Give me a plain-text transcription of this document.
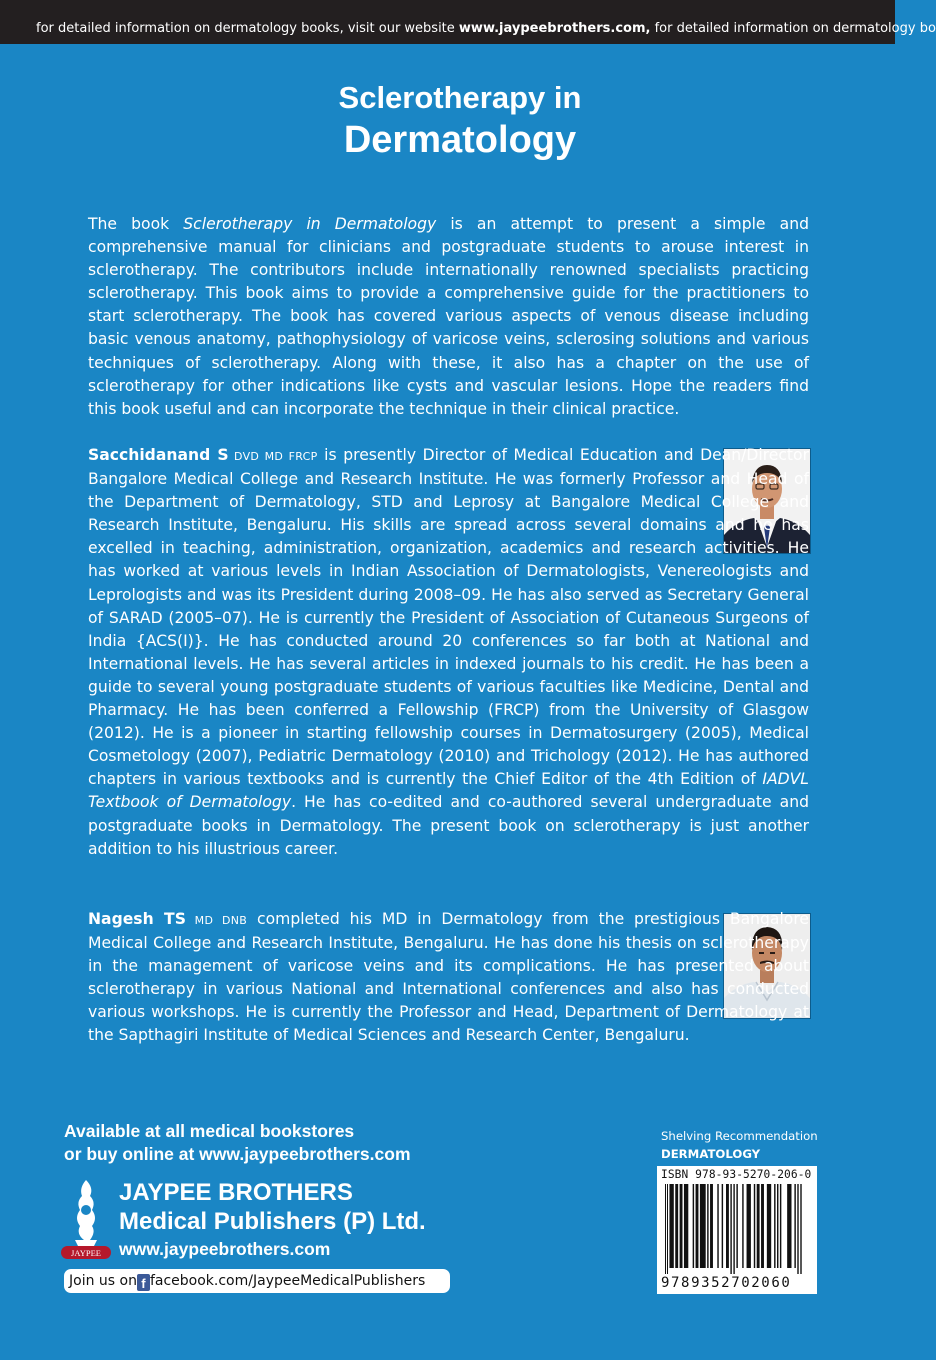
for detailed information on dermatology books, visit our website www.jaypeebrothers.com, for detailed information on dermatology bo
Sclerotherapy in
Dermatology

The book Sclerotherapy in Dermatology is an attempt to present a simple and comprehensive manual for clinicians and postgraduate students to arouse interest in sclerotherapy. The contributors include internationally renowned specialists practicing sclerotherapy. This book aims to provide a comprehensive guide for the practitioners to start sclerotherapy. The book has covered various aspects of venous disease including basic venous anatomy, pathophysiology of varicose veins, sclerosing solutions and various techniques of sclerotherapy. Along with these, it also has a chapter on the use of sclerotherapy for other indications like cysts and vascular lesions. Hope the readers find this book useful and can incorporate the technique in their clinical practice.

Sacchidanand S DVD MD FRCP is presently Director of Medical Education and Dean/Director Bangalore Medical College and Research Institute. He was formerly Professor and Head of the Department of Dermatology, STD and Leprosy at Bangalore Medical College and Research Institute, Bengaluru. His skills are spread across several domains and he has excelled in teaching, administration, organization, academics and research activities. He has worked at various levels in Indian Association of Dermatologists, Venereologists and Leprologists and was its President during 2008–09. He has also served as Secretary General of SARAD (2005–07). He is currently the President of Association of Cutaneous Surgeons of India {ACS(I)}. He has conducted around 20 conferences so far both at National and International levels. He has several articles in indexed journals to his credit. He has been a guide to several young postgraduate students of various faculties like Medicine, Dental and Pharmacy. He has been conferred a Fellowship (FRCP) from the University of Glasgow (2012). He is a pioneer in starting fellowship courses in Dermatosurgery (2005), Medical Cosmetology (2007), Pediatric Dermatology (2010) and Trichology (2012). He has authored chapters in various textbooks and is currently the Chief Editor of the 4th Edition of IADVL Textbook of Dermatology. He has co-edited and co-authored several undergraduate and postgraduate books in Dermatology. The present book on sclerotherapy is just another addition to his illustrious career.

Nagesh TS MD DNB completed his MD in Dermatology from the prestigious Bangalore Medical College and Research Institute, Bengaluru. He has done his thesis on sclerotherapy in the management of varicose veins and its complications. He has presented about sclerotherapy in various National and International conferences and also has conducted various workshops. He is currently the Professor and Head, Department of Dermatology at the Sapthagiri Institute of Medical Sciences and Research Center, Bengaluru.

Available at all medical bookstores
or buy online at www.jaypeebrothers.com
JAYPEE
JAYPEE BROTHERS
Medical Publishers (P) Ltd.
www.jaypeebrothers.com
Join us on f facebook.com/JaypeeMedicalPublishers
Shelving Recommendation
DERMATOLOGY
ISBN 978-93-5270-206-0
9789352702060
